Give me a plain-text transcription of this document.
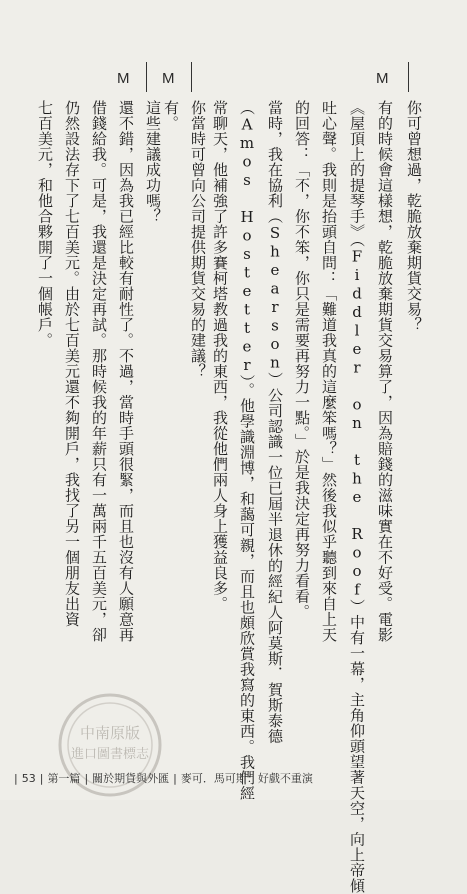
M
M
M
你可曾想過，乾脆放棄期貨交易？
有的時候會這樣想，乾脆放棄期貨交易算了，因為賠錢的滋味實在不好受。電影
《屋頂上的提琴手》（Fiddler on the Roof）中有一幕，主角仰頭望著天空，向上帝傾
吐心聲。我則是抬頭自問：「難道我真的這麼笨嗎？」然後我似乎聽到來自上天
的回答：「不，你不笨，你只是需要再努力一點。」於是我決定再努力看看。
當時，我在協利（Shearson）公司認識一位已屆半退休的經紀人阿莫斯．賀斯泰德
（Amos Hostetter）。他學識淵博，和藹可親，而且也頗欣賞我寫的東西。我們經
常聊天，他補強了許多賽柯塔教過我的東西，我從他們兩人身上獲益良多。
你當時可曾向公司提供期貨交易的建議？
有。
這些建議成功嗎？
還不錯，因為我已經比較有耐性了。不過，當時手頭很緊，而且也沒有人願意再
借錢給我。可是，我還是決定再試。那時候我的年薪只有一萬兩千五百美元，卻
仍然設法存下了七百美元。由於七百美元還不夠開戶，我找了另一個朋友出資
七百美元，和他合夥開了一個帳戶。
中南原版
進口圖書標志
| 53 | 第一篇 | 關於期貨與外匯 | 麥可．馬可斯：好戲不重演
